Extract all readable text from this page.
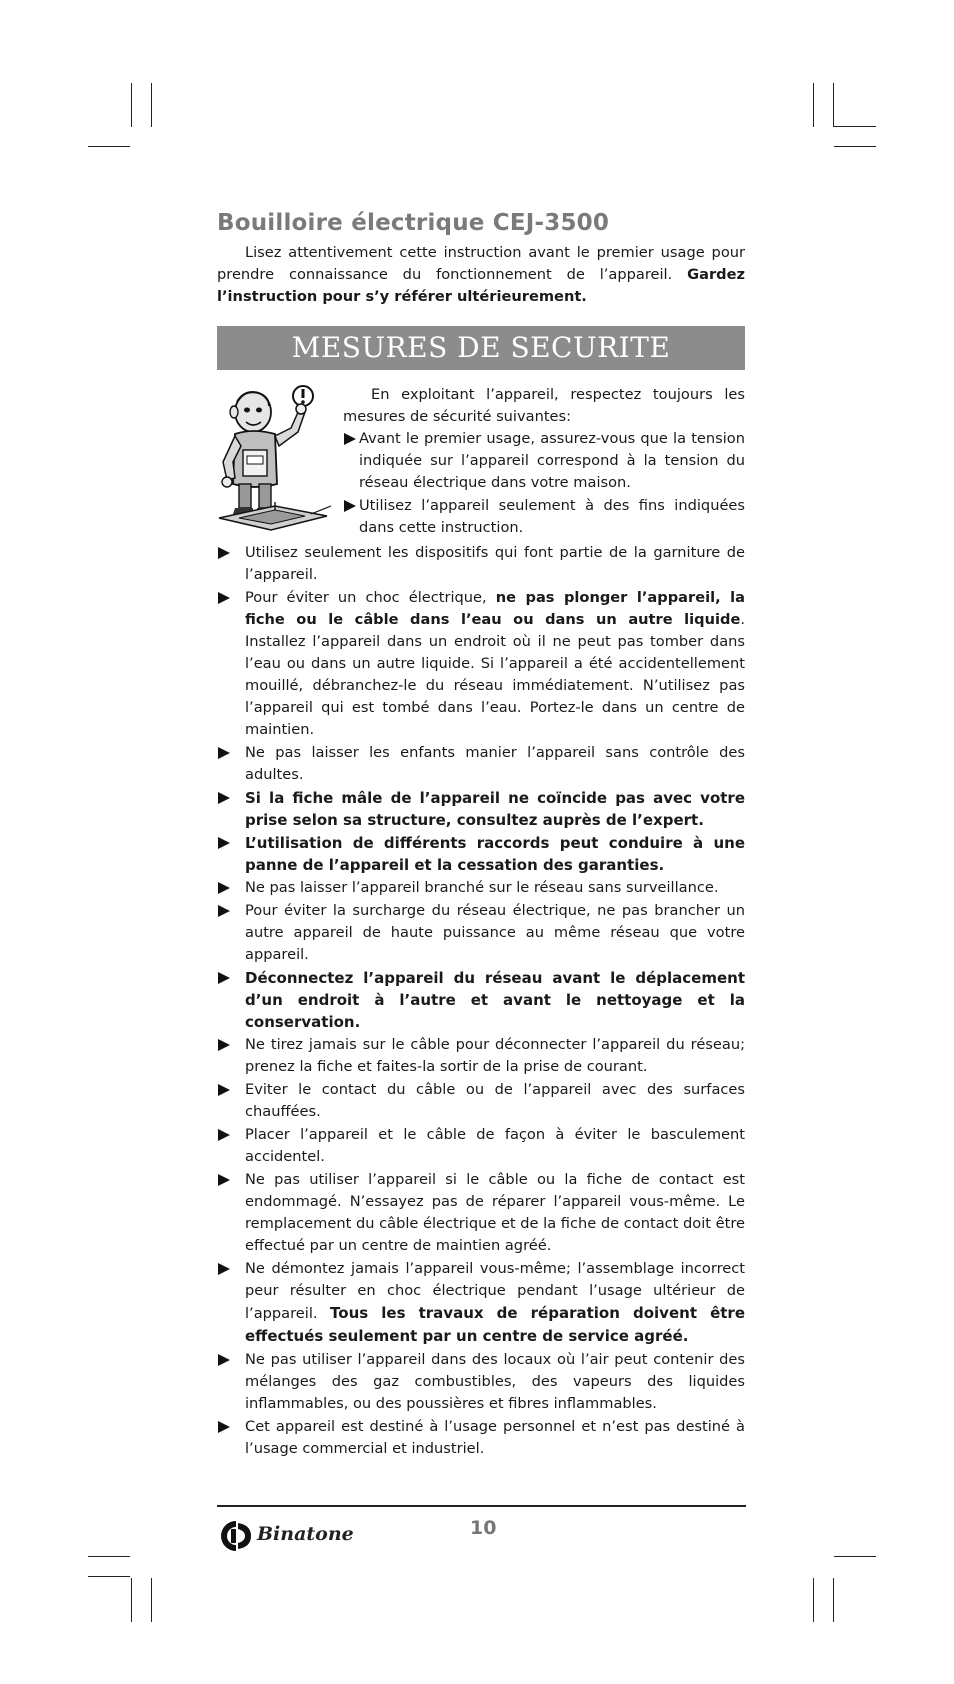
Bouilloire électrique CEJ-3500

Lisez attentivement cette instruction avant le premier usage pour prendre connaissance du fonctionnement de l’appareil. Gardez l’instruction pour s’y référer ultérieurement.

MESURES DE SECURITE

En exploitant l’appareil, respectez toujours les mesures de sécurité suivantes:

Avant le premier usage, assurez-vous que la tension indiquée sur l’appareil correspond à la tension du réseau électrique dans votre maison.
Utilisez l’appareil seulement à des fins indiquées dans cette instruction.
Utilisez seulement les dispositifs qui font partie de la garniture de l’appareil.
Pour éviter un choc électrique, ne pas plonger l’appareil, la fiche ou le câble dans l’eau ou dans un autre liquide. Installez l’appareil dans un endroit où il ne peut pas tomber dans l’eau ou dans un autre liquide. Si l’appareil a été accidentellement mouillé, débranchez-le du réseau immédiatement. N’utilisez pas l’appareil qui est tombé dans l’eau. Portez-le dans un centre de maintien.
Ne pas laisser les enfants manier l’appareil sans contrôle des adultes.
Si la fiche mâle de l’appareil ne coïncide pas avec votre prise selon sa structure, consultez auprès de l’expert.
L’utilisation de différents raccords peut conduire à une panne de l’appareil et la cessation des garanties.
Ne pas laisser l’appareil branché sur le réseau sans surveillance.
Pour éviter la surcharge du réseau électrique, ne pas brancher un autre appareil de haute puissance au même réseau que votre appareil.
Déconnectez l’appareil du réseau avant le déplacement d’un endroit à l’autre et avant le nettoyage et la conservation.
Ne tirez jamais sur le câble pour déconnecter l’appareil du réseau; prenez la fiche et faites-la sortir de la prise de courant.
Eviter le contact du câble ou de l’appareil avec des surfaces chauffées.
Placer l’appareil et le câble de façon à éviter le basculement accidentel.
Ne pas utiliser l’appareil si le câble ou la fiche de contact est endommagé. N’essayez pas de réparer l’appareil vous-même. Le remplacement du câble électrique et de la fiche de contact doit être effectué par un centre de maintien agréé.
Ne démontez jamais l’appareil vous-même; l’assemblage incorrect peur résulter en choc électrique pendant l’usage ultérieur de l’appareil. Tous les travaux de réparation doivent être effectués seulement par un centre de service agréé.
Ne pas utiliser l’appareil dans des locaux où l’air peut contenir des mélanges des gaz combustibles, des vapeurs des liquides inflammables, ou des poussières et fibres inflammables.
Cet appareil est destiné à l’usage personnel et n’est pas destiné à l’usage commercial et industriel.
Binatone	10
